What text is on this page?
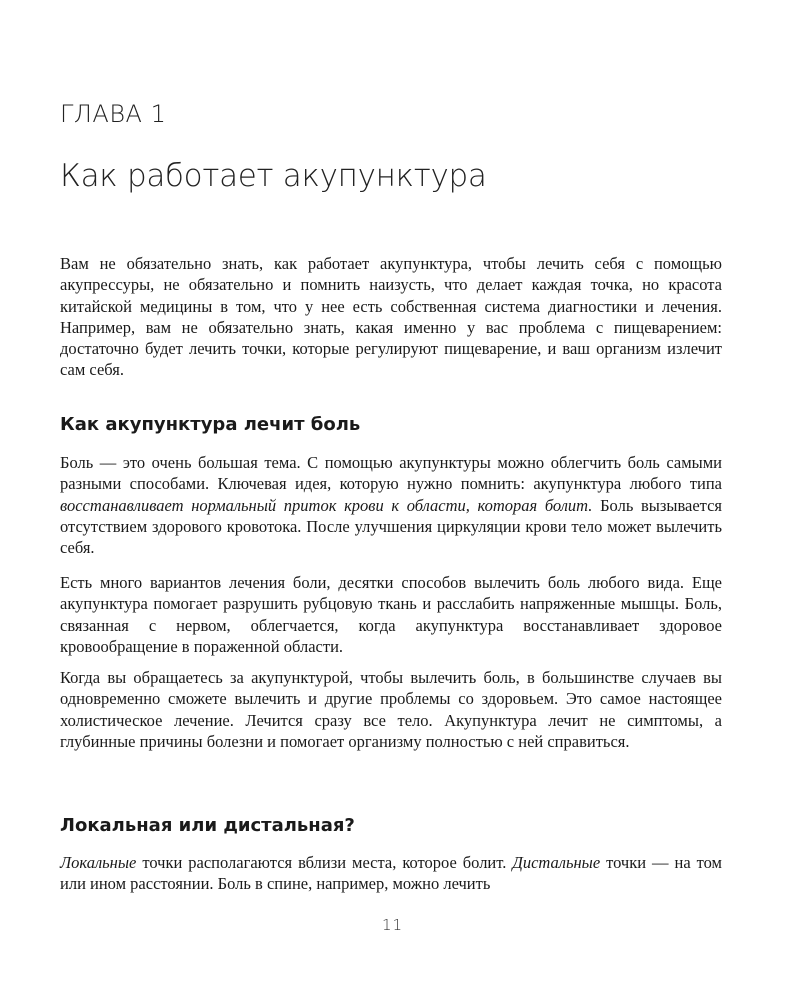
ГЛАВА 1
Как работает акупунктура

Вам не обязательно знать, как работает акупунктура, чтобы лечить себя с помощью акупрессуры, не обязательно и помнить наизусть, что делает каждая точка, но красота китайской медицины в том, что у нее есть собственная система диагностики и лечения. Например, вам не обязательно знать, какая именно у вас проблема с пищеварением: достаточно будет лечить точки, которые регулируют пищеварение, и ваш организм излечит сам себя.

Как акупунктура лечит боль

Боль — это очень большая тема. С помощью акупунктуры можно облегчить боль самыми разными способами. Ключевая идея, которую нужно помнить: акупунктура любого типа восстанавливает нормальный приток крови к области, которая болит. Боль вызывается отсутствием здорового кровотока. После улучшения циркуляции крови тело может вылечить себя.

Есть много вариантов лечения боли, десятки способов вылечить боль любого вида. Еще акупунктура помогает разрушить рубцовую ткань и расслабить напряженные мышцы. Боль, связанная с нервом, облегчается, когда акупунктура восстанавливает здоровое кровообращение в пораженной области.

Когда вы обращаетесь за акупунктурой, чтобы вылечить боль, в большинстве случаев вы одновременно сможете вылечить и другие проблемы со здоровьем. Это самое настоящее холистическое лечение. Лечится сразу все тело. Акупунктура лечит не симптомы, а глубинные причины болезни и помогает организму полностью с ней справиться.

Локальная или дистальная?

Локальные точки располагаются вблизи места, которое болит. Дистальные точки — на том или ином расстоянии. Боль в спине, например, можно лечить

11
